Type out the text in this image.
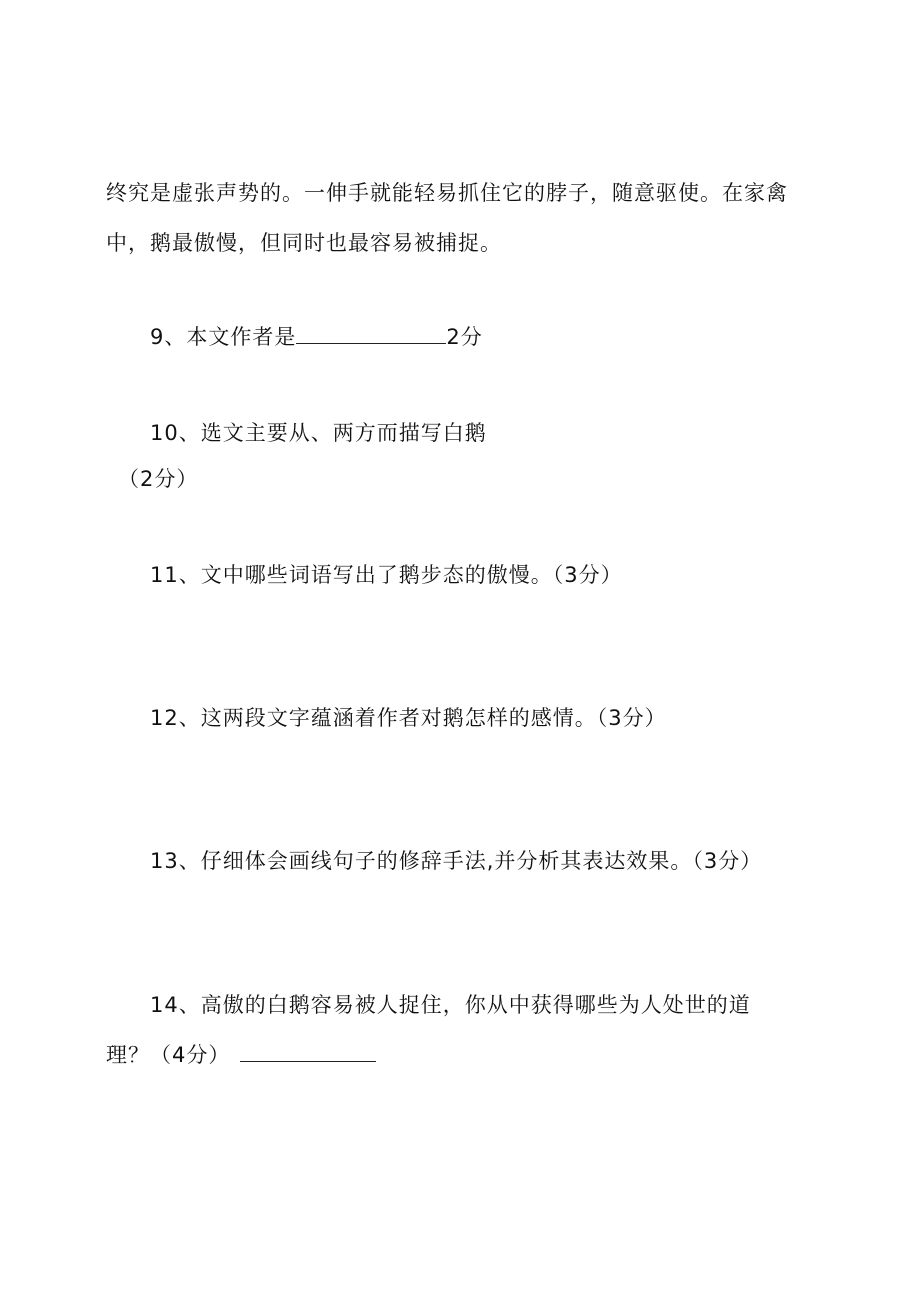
终究是虚张声势的。一伸手就能轻易抓住它的脖子，随意驱使。在家禽
中，鹅最傲慢，但同时也最容易被捕捉。
9、本文作者是	2分
10、选文主要从、两方而描写白鹅
（2分）
11、文中哪些词语写出了鹅步态的傲慢。（3分）
12、这两段文字蕴涵着作者对鹅怎样的感情。（3分）
13、仔细体会画线句子的修辞手法,并分析其表达效果。（3分）
14、高傲的白鹅容易被人捉住，你从中获得哪些为人处世的道
理？（4分）
